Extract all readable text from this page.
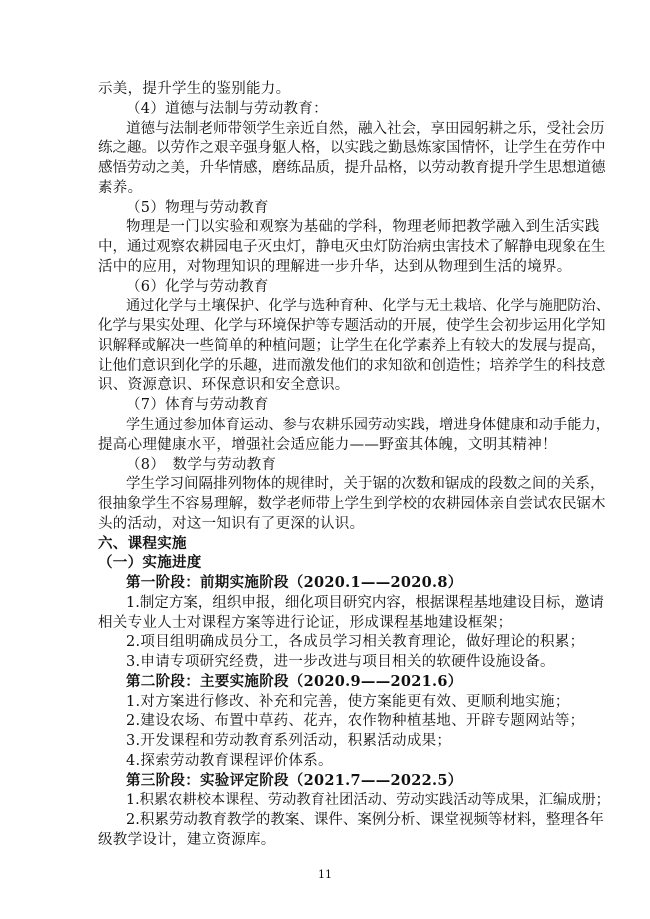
示美，提升学生的鉴别能力。
（4）道德与法制与劳动教育：
道德与法制老师带领学生亲近自然，融入社会，享田园躬耕之乐，受社会历
练之趣。以劳作之艰辛强身躯人格，以实践之勤恳炼家国情怀，让学生在劳作中
感悟劳动之美，升华情感，磨练品质，提升品格，以劳动教育提升学生思想道德
素养。
（5）物理与劳动教育
物理是一门以实验和观察为基础的学科，物理老师把教学融入到生活实践
中，通过观察农耕园电子灭虫灯，静电灭虫灯防治病虫害技术了解静电现象在生
活中的应用，对物理知识的理解进一步升华，达到从物理到生活的境界。
（6）化学与劳动教育
通过化学与土壤保护、化学与选种育种、化学与无土栽培、化学与施肥防治、
化学与果实处理、化学与环境保护等专题活动的开展，使学生会初步运用化学知
识解释或解决一些简单的种植问题；让学生在化学素养上有较大的发展与提高，
让他们意识到化学的乐趣，进而激发他们的求知欲和创造性；培养学生的科技意
识、资源意识、环保意识和安全意识。
（7）体育与劳动教育
学生通过参加体育运动、参与农耕乐园劳动实践，增进身体健康和动手能力，
提高心理健康水平，增强社会适应能力——野蛮其体魄，文明其精神！
（8）　数学与劳动教育
学生学习间隔排列物体的规律时，关于锯的次数和锯成的段数之间的关系，
很抽象学生不容易理解，数学老师带上学生到学校的农耕园体亲自尝试农民锯木
头的活动，对这一知识有了更深的认识。
六、课程实施
（一）实施进度
第一阶段：前期实施阶段（2020.1——2020.8）
1.制定方案，组织申报，细化项目研究内容，根据课程基地建设目标，邀请
相关专业人士对课程方案等进行论证，形成课程基地建设框架；
2.项目组明确成员分工，各成员学习相关教育理论，做好理论的积累；
3.申请专项研究经费，进一步改进与项目相关的软硬件设施设备。
第二阶段：主要实施阶段（2020.9——2021.6）
1.对方案进行修改、补充和完善，使方案能更有效、更顺利地实施；
2.建设农场、布置中草药、花卉，农作物种植基地、开辟专题网站等；
3.开发课程和劳动教育系列活动，积累活动成果；
4.探索劳动教育课程评价体系。
11
第三阶段：实验评定阶段（2021.7——2022.5）
1.积累农耕校本课程、劳动教育社团活动、劳动实践活动等成果，汇编成册；
2.积累劳动教育教学的教案、课件、案例分析、课堂视频等材料，整理各年
级教学设计，建立资源库。
